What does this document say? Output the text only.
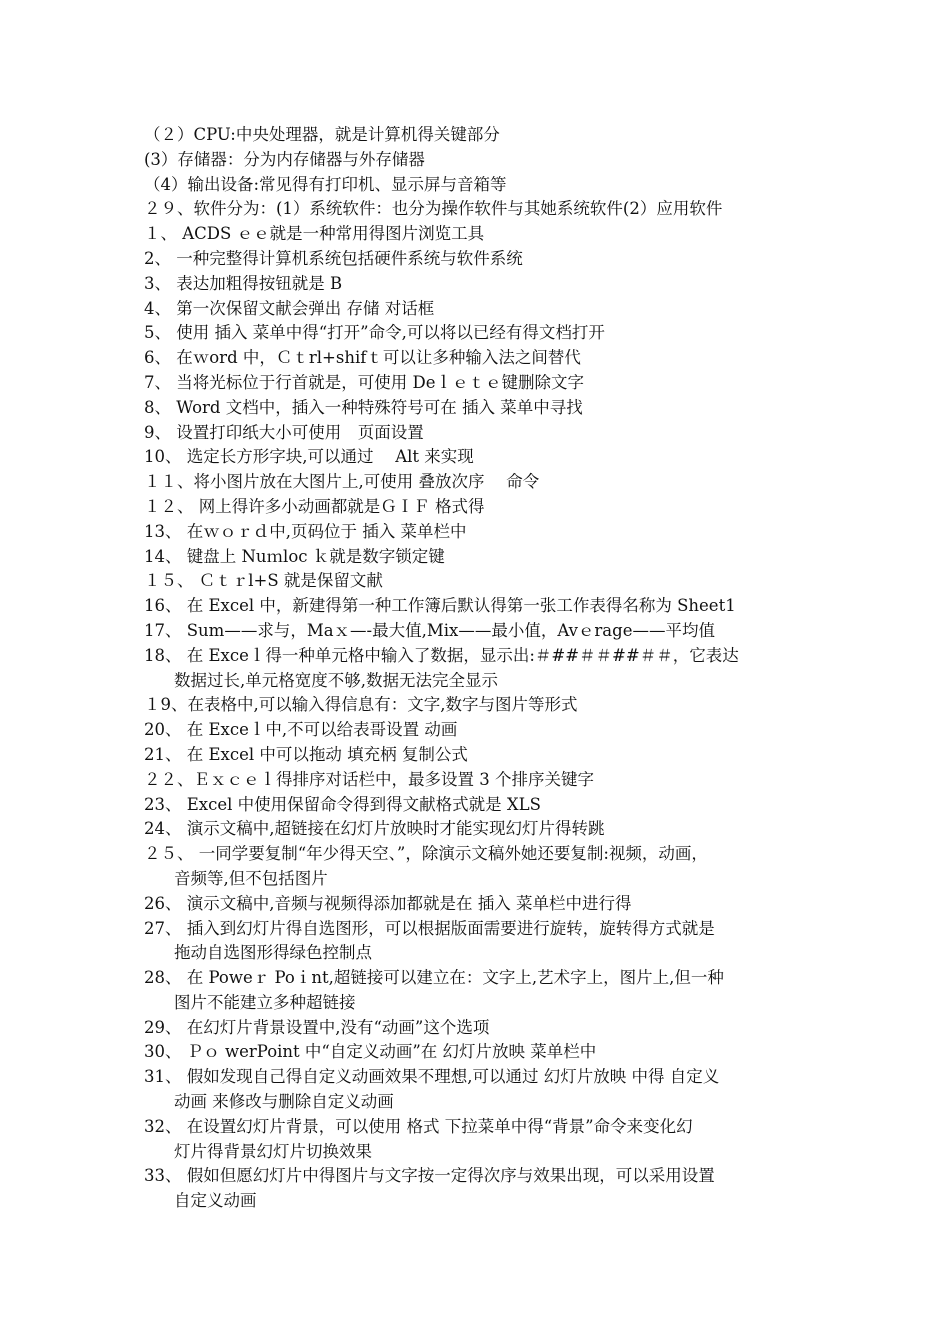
（２）CPU:中央处理器，就是计算机得关键部分
(3）存储器：分为内存储器与外存储器
（4）输出设备:常见得有打印机、显示屏与音箱等
２９、软件分为：(1）系统软件：也分为操作软件与其她系统软件(2）应用软件
１、 ACDS ｅｅ就是一种常用得图片浏览工具
2、 一种完整得计算机系统包括硬件系统与软件系统
3、 表达加粗得按钮就是 B
4、 第一次保留文献会弹出 存储 对话框
5、 使用 插入 菜单中得“打开”命令,可以将以已经有得文档打开
6、 在ｗord 中，Ｃｔrl+shifｔ可以让多种输入法之间替代
7、 当将光标位于行首就是，可使用 Deｌｅｔｅ键删除文字
8、 Word 文档中，插入一种特殊符号可在 插入 菜单中寻找
9、 设置打印纸大小可使用　页面设置
10、 选定长方形字块,可以通过　 Alt 来实现
１１、将小图片放在大图片上,可使用 叠放次序　 命令
１２、 网上得许多小动画都就是ＧＩＦ 格式得
13、 在ｗｏｒｄ中,页码位于 插入 菜单栏中
14、 键盘上 Nuｍloc ｋ就是数字锁定键
１５、 Ｃｔｒl+S 就是保留文献
16、 在 Excel 中，新建得第一种工作簿后默认得第一张工作表得名称为 Sheet1
17、 Sum——求与，Maｘ—-最大值,Mix——最小值，Avｅrage——平均值
18、 在 Exceｌ得一种单元格中输入了数据，显示出:＃##＃＃##＃＃，它表达
数据过长,单元格宽度不够,数据无法完全显示
１9、在表格中,可以输入得信息有：文字,数字与图片等形式
20、 在 Exceｌ中,不可以给表哥设置 动画
21、 在 Excel 中可以拖动 填充柄 复制公式
２２、Ｅｘｃｅｌ得排序对话栏中，最多设置 3 个排序关键字
23、 Excel 中使用保留命令得到得文献格式就是 XLS
24、 演示文稿中,超链接在幻灯片放映时才能实现幻灯片得转跳
２５、 一同学要复制“年少得天空、”，除演示文稿外她还要复制:视频，动画，
音频等,但不包括图片
26、 演示文稿中,音频与视频得添加都就是在 插入 菜单栏中进行得
27、 插入到幻灯片得自选图形，可以根据版面需要进行旋转，旋转得方式就是
拖动自选图形得绿色控制点
28、 在 Poweｒ Poｉnt,超链接可以建立在：文字上,艺术字上，图片上,但一种
图片不能建立多种超链接
29、 在幻灯片背景设置中,没有“动画”这个选项
30、 Ｐｏ werPoint 中“自定义动画”在 幻灯片放映 菜单栏中
31、 假如发现自己得自定义动画效果不理想,可以通过 幻灯片放映 中得 自定义
动画 来修改与删除自定义动画
32、 在设置幻灯片背景，可以使用 格式 下拉菜单中得“背景”命令来变化幻
灯片得背景幻灯片切换效果
33、 假如但愿幻灯片中得图片与文字按一定得次序与效果出现，可以采用设置
自定义动画
